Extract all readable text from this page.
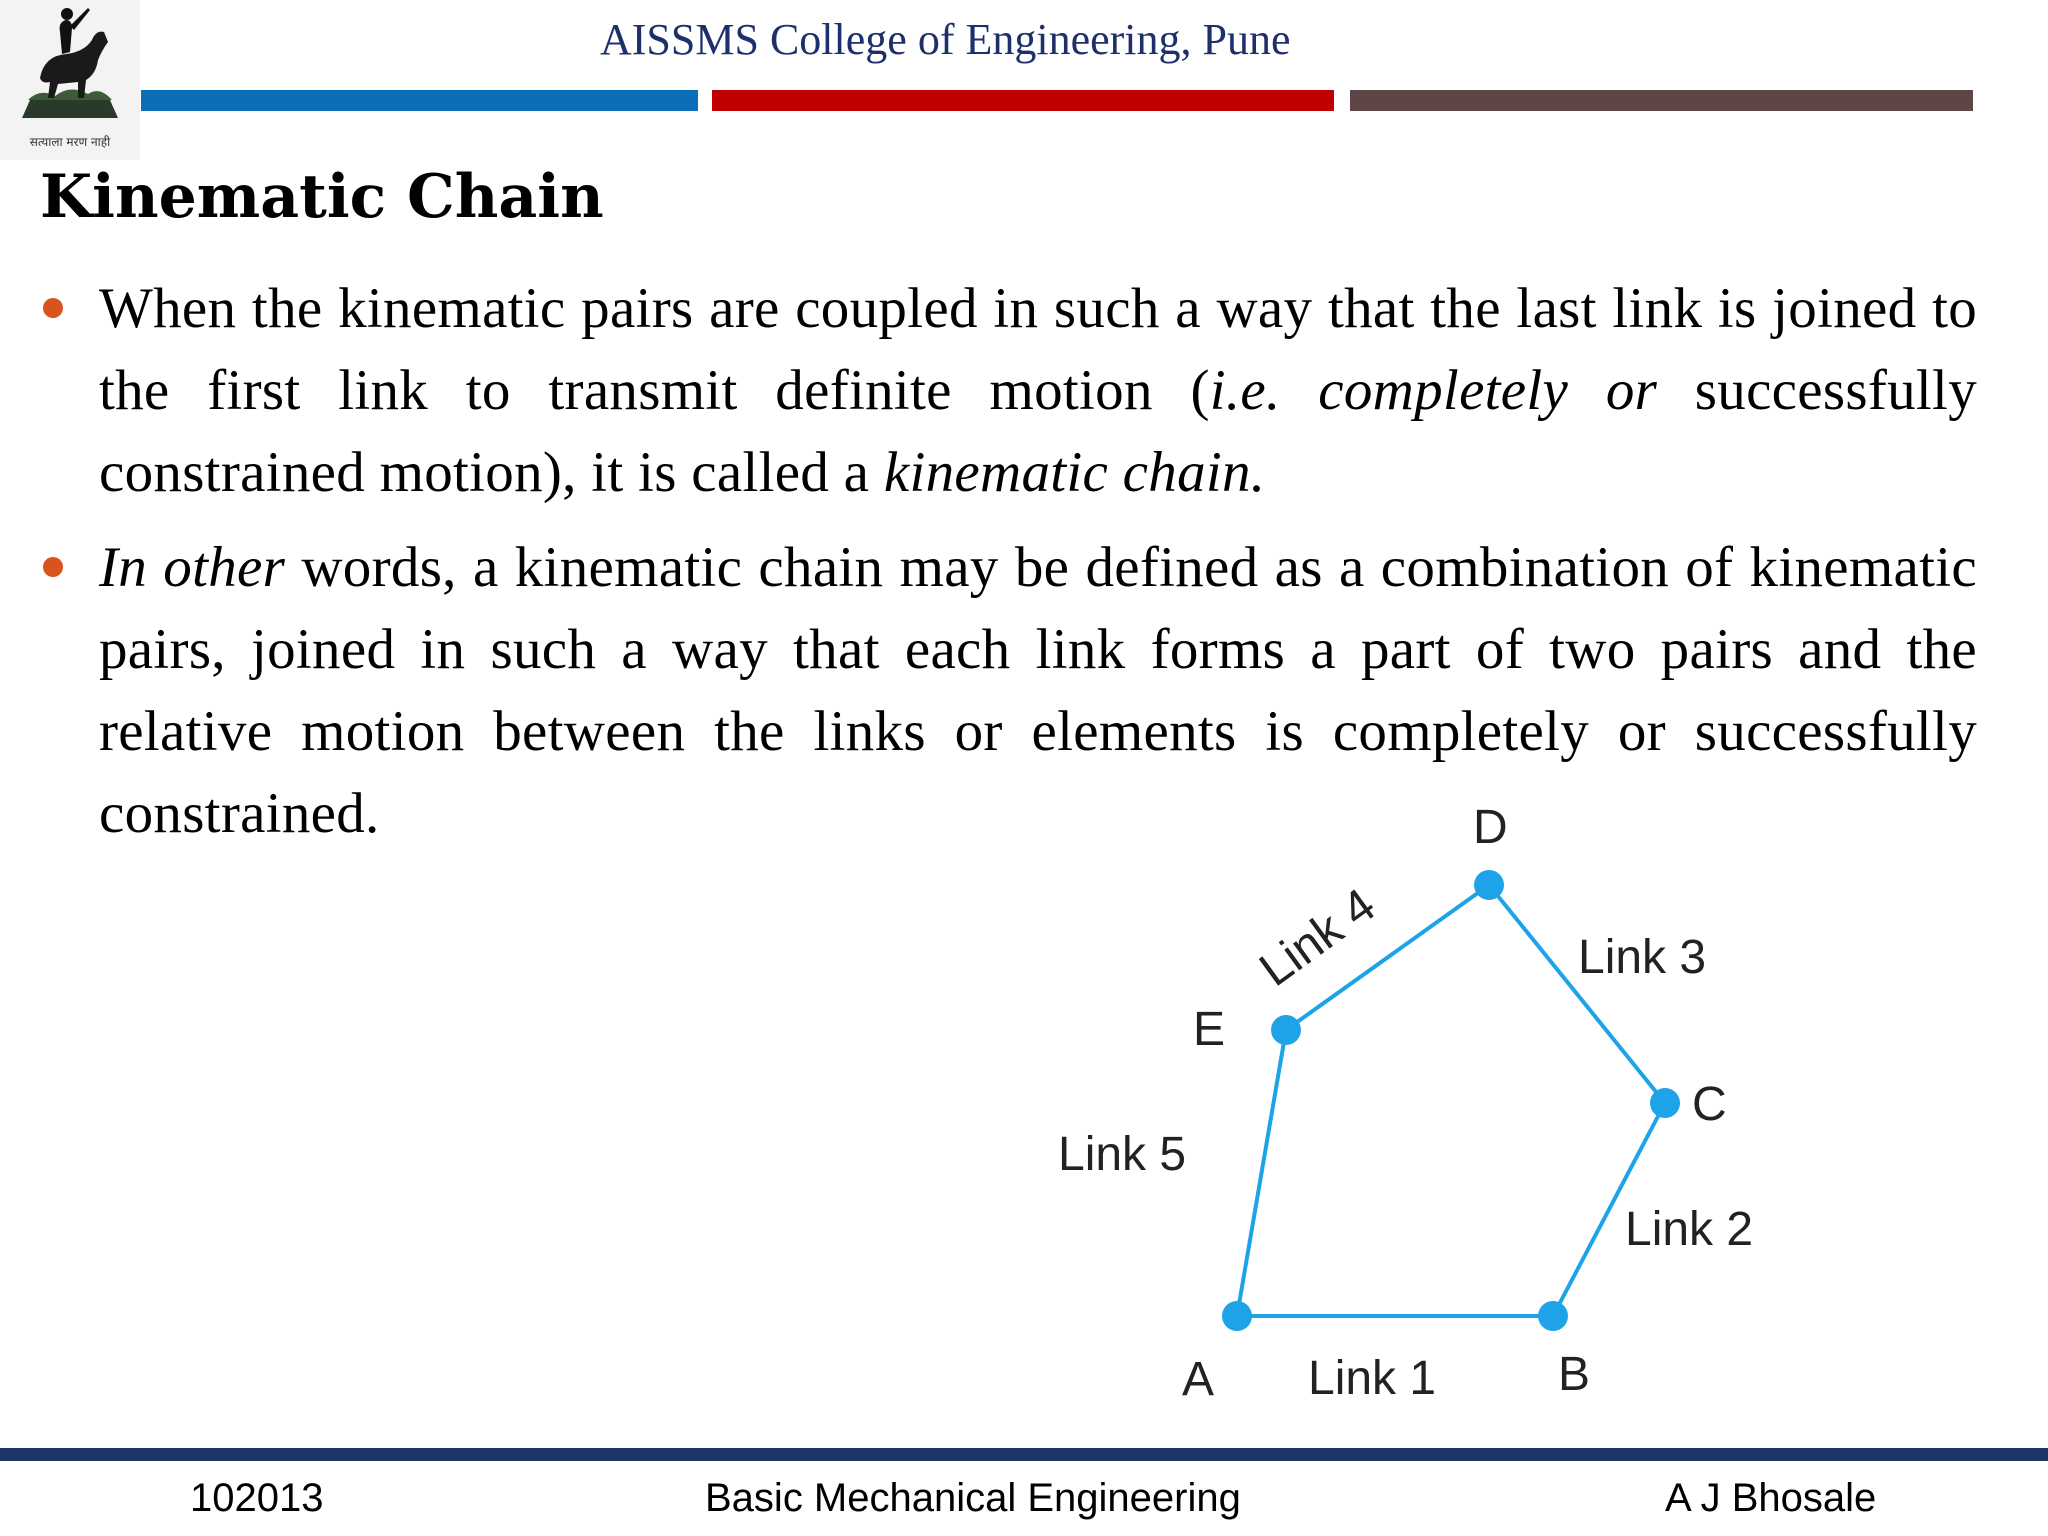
सत्याला मरण नाही
AISSMS College of Engineering, Pune
Kinematic Chain
When the kinematic pairs are coupled in such a way that the last link is joined to the first link to transmit definite motion (i.e. completely or successfully constrained motion), it is called a kinematic chain.
In other words, a kinematic chain may be defined as a combination of kinematic pairs, joined in such a way that each link forms a part of two pairs and the relative motion between the links or elements is completely or successfully constrained.
A	B
C
D
E
Link 1
Link 2
Link 3
Link 4
Link 5
102013	Basic Mechanical Engineering	A J Bhosale
